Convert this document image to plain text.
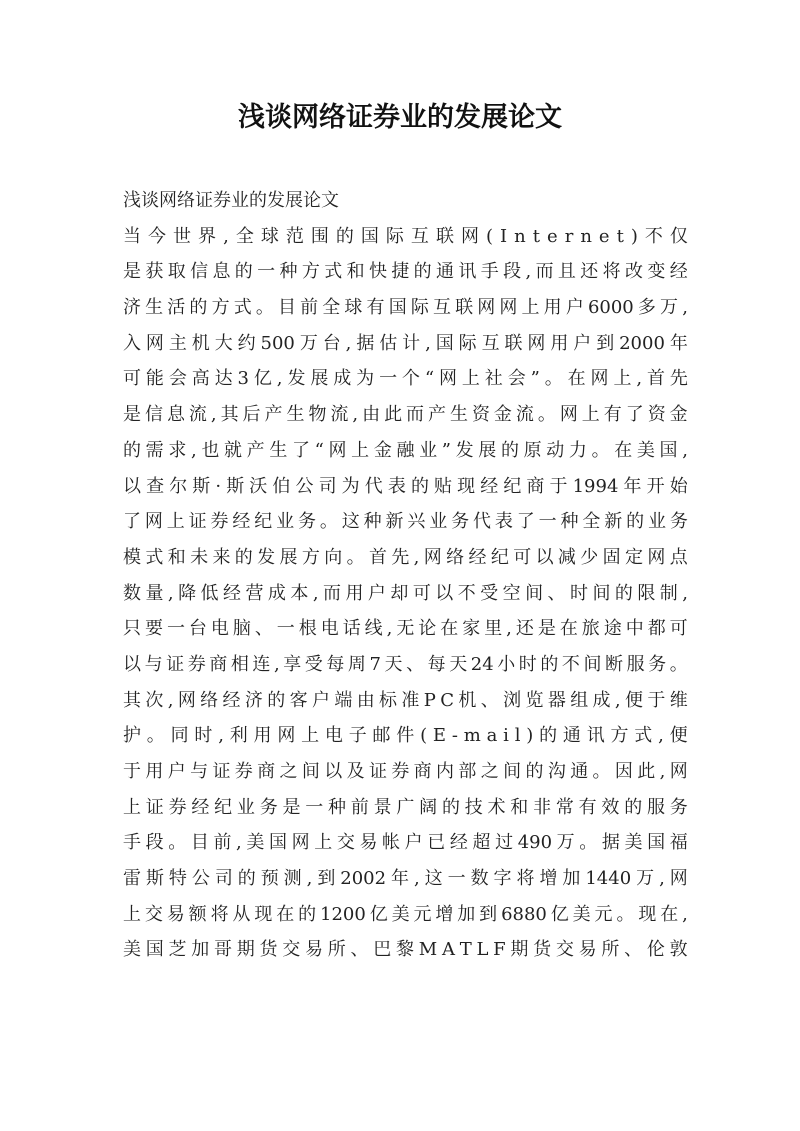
浅谈网络证券业的发展论文
浅 谈 网 络 证 券 业 的 发 展 论 文
当 今 世 界 , 全 球 范 围 的 国 际 互 联 网 ( I n t e r n e t ) 不 仅
是 获 取 信 息 的 一 种 方 式 和 快 捷 的 通 讯 手 段 , 而 且 还 将 改 变 经
济 生 活 的 方 式 。 目 前 全 球 有 国 际 互 联 网 网 上 用 户 6000 多 万 ,
入 网 主 机 大 约 500 万 台 , 据 估 计 , 国 际 互 联 网 用 户 到 2000 年
可 能 会 高 达 3 亿 , 发 展 成 为 一 个 “ 网 上 社 会 ” 。 在 网 上 , 首 先
是 信 息 流 , 其 后 产 生 物 流 , 由 此 而 产 生 资 金 流 。 网 上 有 了 资 金
的 需 求 , 也 就 产 生 了 “ 网 上 金 融 业 ” 发 展 的 原 动 力 。 在 美 国 ,
以 查 尔 斯 · 斯 沃 伯 公 司 为 代 表 的 贴 现 经 纪 商 于 1994 年 开 始
了 网 上 证 券 经 纪 业 务 。 这 种 新 兴 业 务 代 表 了 一 种 全 新 的 业 务
模 式 和 未 来 的 发 展 方 向 。 首 先 , 网 络 经 纪 可 以 减 少 固 定 网 点
数 量 , 降 低 经 营 成 本 , 而 用 户 却 可 以 不 受 空 间 、 时 间 的 限 制 ,
只 要 一 台 电 脑 、 一 根 电 话 线 , 无 论 在 家 里 , 还 是 在 旅 途 中 都 可
以 与 证 券 商 相 连 , 享 受 每 周 7 天 、 每 天 24 小 时 的 不 间 断 服 务 。
其 次 , 网 络 经 济 的 客 户 端 由 标 准 P C 机 、 浏 览 器 组 成 , 便 于 维
护 。 同 时 , 利 用 网 上 电 子 邮 件 ( E - m a i l ) 的 通 讯 方 式 , 便
于 用 户 与 证 券 商 之 间 以 及 证 券 商 内 部 之 间 的 沟 通 。 因 此 , 网
上 证 券 经 纪 业 务 是 一 种 前 景 广 阔 的 技 术 和 非 常 有 效 的 服 务
手 段 。 目 前 , 美 国 网 上 交 易 帐 户 已 经 超 过 490 万 。 据 美 国 福
雷 斯 特 公 司 的 预 测 , 到 2002 年 , 这 一 数 字 将 增 加 1440 万 , 网
上 交 易 额 将 从 现 在 的 1200 亿 美 元 增 加 到 6880 亿 美 元 。 现 在 ,
美 国 芝 加 哥 期 货 交 易 所 、 巴 黎 M A T L F 期 货 交 易 所 、 伦 敦
